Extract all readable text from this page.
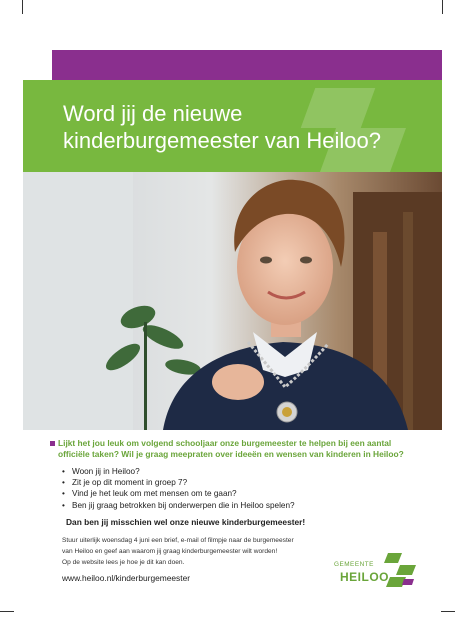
Word jij de nieuwe
kinderburgemeester van Heiloo?

Lijkt het jou leuk om volgend schooljaar onze burgemeester te helpen bij een aantal
officiële taken? Wil je graag meepraten over ideeën en wensen van kinderen in Heiloo?

• Woon jij in Heiloo?
• Zit je op dit moment in groep 7?
• Vind je het leuk om met mensen om te gaan?
• Ben jij graag betrokken bij onderwerpen die in Heiloo spelen?

Dan ben jij misschien wel onze nieuwe kinderburgemeester!

Stuur uiterlijk woensdag 4 juni een brief, e-mail of filmpje naar de burgemeester
van Heiloo en geef aan waarom jij graag kinderburgemeester wilt worden!
Op de website lees je hoe je dit kan doen.

www.heiloo.nl/kinderburgemeester
GEMEENTE
HEILOO
